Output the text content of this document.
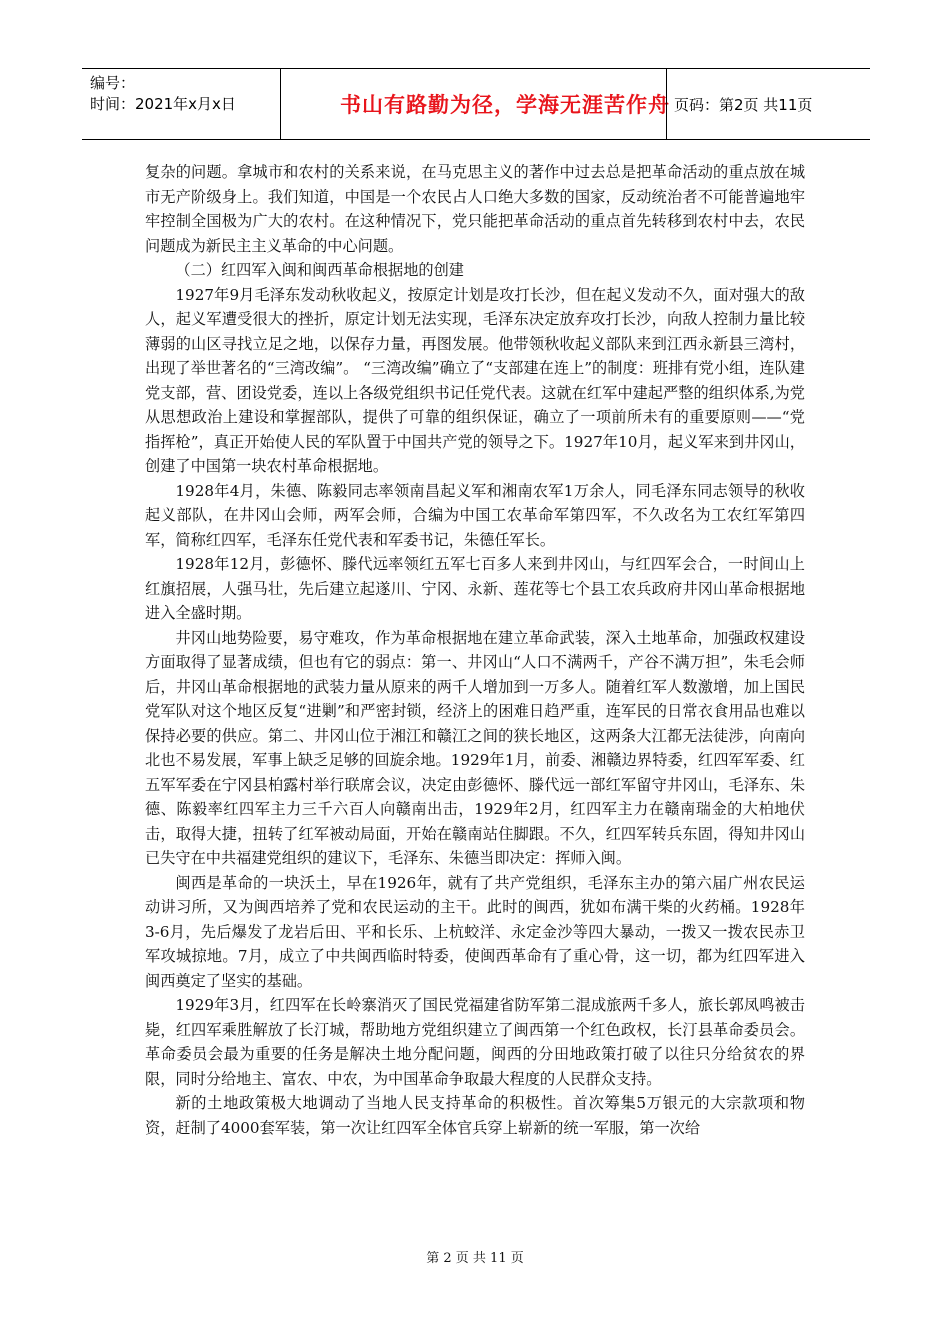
编号：
时间：2021年x月x日	书山有路勤为径，学海无涯苦作舟 页码：第2页 共11页

复杂的问题。拿城市和农村的关系来说，在马克思主义的著作中过去总是把革命活动的重点放在城市无产阶级身上。我们知道，中国是一个农民占人口绝大多数的国家，反动统治者不可能普遍地牢牢控制全国极为广大的农村。在这种情况下，党只能把革命活动的重点首先转移到农村中去，农民问题成为新民主主义革命的中心问题。

（二）红四军入闽和闽西革命根据地的创建

1927年9月毛泽东发动秋收起义，按原定计划是攻打长沙，但在起义发动不久，面对强大的敌人，起义军遭受很大的挫折，原定计划无法实现，毛泽东决定放弃攻打长沙，向敌人控制力量比较薄弱的山区寻找立足之地，以保存力量，再图发展。他带领秋收起义部队来到江西永新县三湾村，出现了举世著名的“三湾改编”。 “三湾改编”确立了“支部建在连上”的制度：班排有党小组，连队建党支部，营、团设党委，连以上各级党组织书记任党代表。这就在红军中建起严整的组织体系,为党从思想政治上建设和掌握部队，提供了可靠的组织保证，确立了一项前所未有的重要原则——“党指挥枪”，真正开始使人民的军队置于中国共产党的领导之下。1927年10月，起义军来到井冈山，创建了中国第一块农村革命根据地。

1928年4月，朱德、陈毅同志率领南昌起义军和湘南农军1万余人，同毛泽东同志领导的秋收起义部队，在井冈山会师，两军会师，合编为中国工农革命军第四军，不久改名为工农红军第四军，简称红四军，毛泽东任党代表和军委书记，朱德任军长。

1928年12月，彭德怀、滕代远率领红五军七百多人来到井冈山，与红四军会合，一时间山上红旗招展，人强马壮，先后建立起遂川、宁冈、永新、莲花等七个县工农兵政府井冈山革命根据地进入全盛时期。

井冈山地势险要，易守难攻，作为革命根据地在建立革命武装，深入土地革命，加强政权建设方面取得了显著成绩，但也有它的弱点：第一、井冈山“人口不满两千，产谷不满万担”，朱毛会师后，井冈山革命根据地的武装力量从原来的两千人增加到一万多人。随着红军人数激增，加上国民党军队对这个地区反复“进剿”和严密封锁，经济上的困难日趋严重，连军民的日常衣食用品也难以保持必要的供应。第二、井冈山位于湘江和赣江之间的狭长地区，这两条大江都无法徒涉，向南向北也不易发展，军事上缺乏足够的回旋余地。1929年1月，前委、湘赣边界特委，红四军军委、红五军军委在宁冈县柏露村举行联席会议，决定由彭德怀、滕代远一部红军留守井冈山，毛泽东、朱德、陈毅率红四军主力三千六百人向赣南出击，1929年2月，红四军主力在赣南瑞金的大柏地伏击，取得大捷，扭转了红军被动局面，开始在赣南站住脚跟。不久，红四军转兵东固，得知井冈山已失守在中共福建党组织的建议下，毛泽东、朱德当即决定：挥师入闽。

闽西是革命的一块沃土，早在1926年，就有了共产党组织，毛泽东主办的第六届广州农民运动讲习所，又为闽西培养了党和农民运动的主干。此时的闽西，犹如布满干柴的火药桶。1928年3-6月，先后爆发了龙岩后田、平和长乐、上杭蛟洋、永定金沙等四大暴动，一拨又一拨农民赤卫军攻城掠地。7月，成立了中共闽西临时特委，使闽西革命有了重心骨，这一切，都为红四军进入闽西奠定了坚实的基础。

1929年3月，红四军在长岭寨消灭了国民党福建省防军第二混成旅两千多人，旅长郭凤鸣被击毙，红四军乘胜解放了长汀城，帮助地方党组织建立了闽西第一个红色政权，长汀县革命委员会。革命委员会最为重要的任务是解决土地分配问题，闽西的分田地政策打破了以往只分给贫农的界限，同时分给地主、富农、中农，为中国革命争取最大程度的人民群众支持。

新的土地政策极大地调动了当地人民支持革命的积极性。首次筹集5万银元的大宗款项和物资，赶制了4000套军装，第一次让红四军全体官兵穿上崭新的统一军服，第一次给

第 2 页 共 11 页
